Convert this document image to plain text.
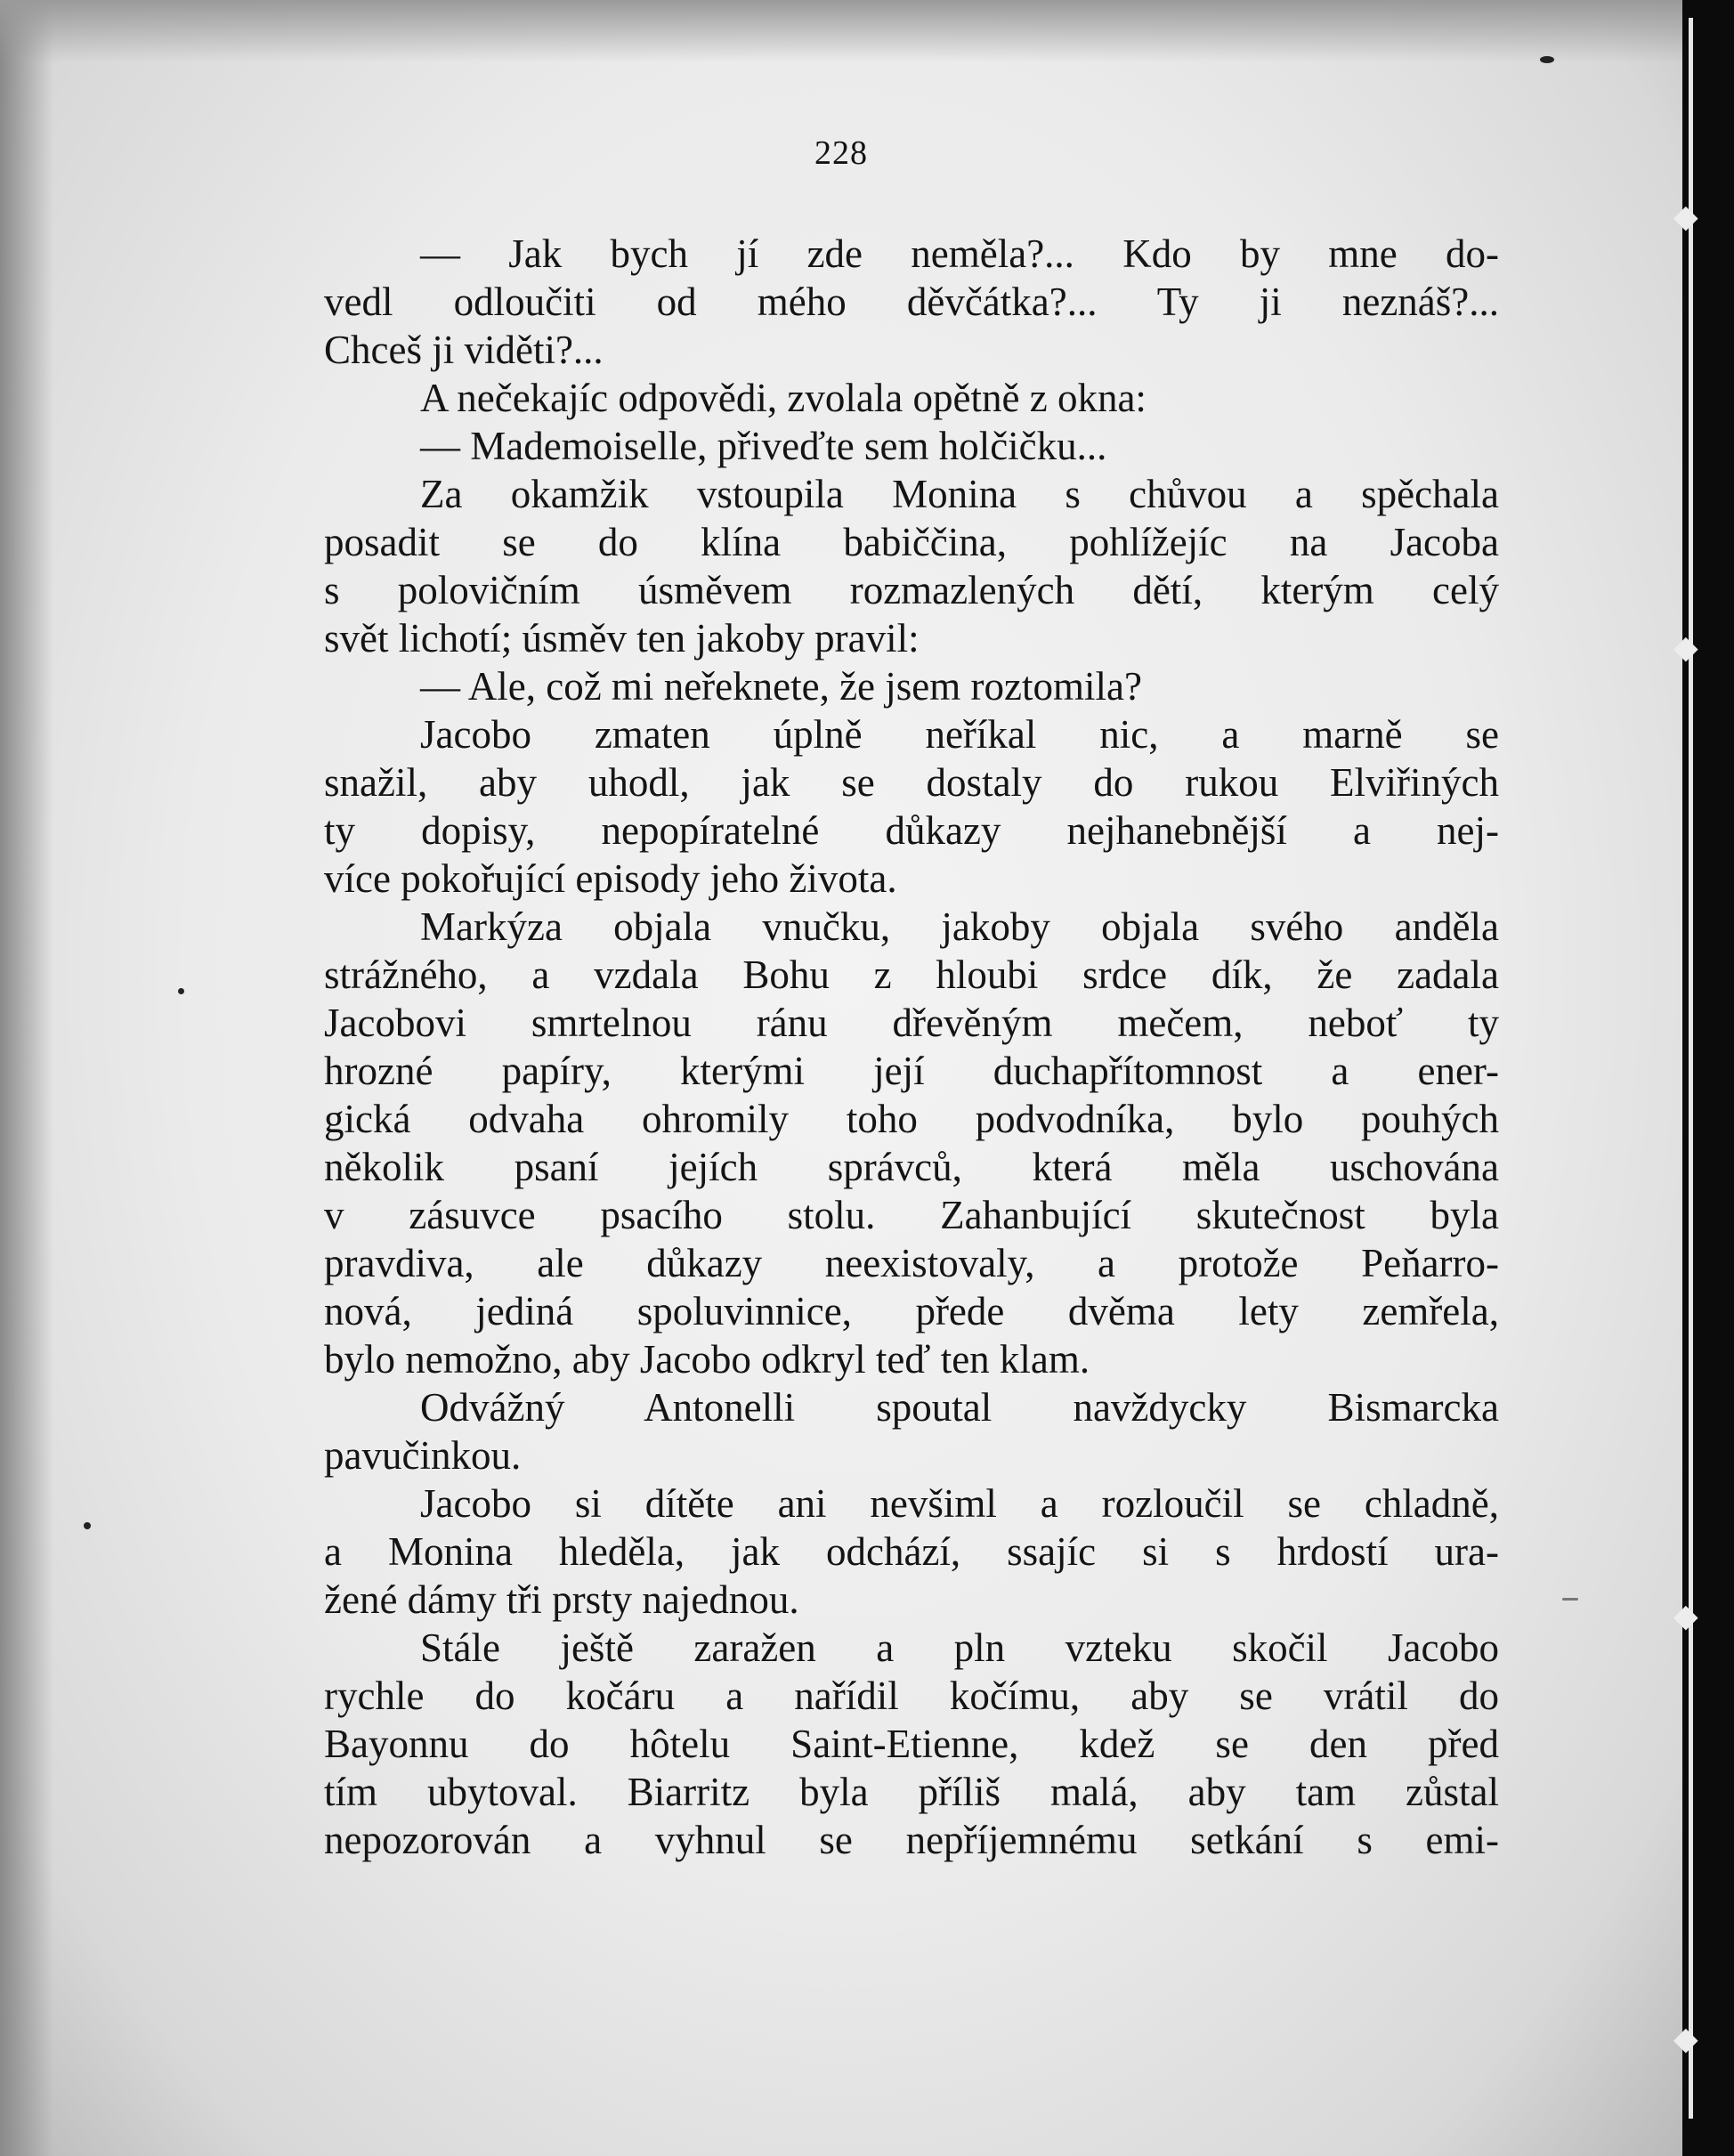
228
— Jak bych jí zde neměla?... Kdo by mne do-
vedl odloučiti od mého děvčátka?... Ty ji neznáš?...
Chceš ji viděti?...
A nečekajíc odpovědi, zvolala opětně z okna:
— Mademoiselle, přiveďte sem holčičku...
Za okamžik vstoupila Monina s chůvou a spěchala
posadit se do klína babiččina, pohlížejíc na Jacoba
s polovičním úsměvem rozmazlených dětí, kterým celý
svět lichotí; úsměv ten jakoby pravil:
— Ale, což mi neřeknete, že jsem roztomila?
Jacobo zmaten úplně neříkal nic, a marně se
snažil, aby uhodl, jak se dostaly do rukou Elviřiných
ty dopisy, nepopíratelné důkazy nejhanebnější a nej-
více pokořující episody jeho života.
Markýza objala vnučku, jakoby objala svého anděla
strážného, a vzdala Bohu z hloubi srdce dík, že zadala
Jacobovi smrtelnou ránu dřevěným mečem, neboť ty
hrozné papíry, kterými její duchapřítomnost a ener-
gická odvaha ohromily toho podvodníka, bylo pouhých
několik psaní jejích správců, která měla uschována
v zásuvce psacího stolu. Zahanbující skutečnost byla
pravdiva, ale důkazy neexistovaly, a protože Peňarro-
nová, jediná spoluvinnice, přede dvěma lety zemřela,
bylo nemožno, aby Jacobo odkryl teď ten klam.
Odvážný Antonelli spoutal navždycky Bismarcka
pavučinkou.
Jacobo si dítěte ani nevšiml a rozloučil se chladně,
a Monina hleděla, jak odchází, ssajíc si s hrdostí ura-
žené dámy tři prsty najednou.
Stále ještě zaražen a pln vzteku skočil Jacobo
rychle do kočáru a nařídil kočímu, aby se vrátil do
Bayonnu do hôtelu Saint-Etienne, kdež se den před
tím ubytoval. Biarritz byla příliš malá, aby tam zůstal
nepozorován a vyhnul se nepříjemnému setkání s emi-
◆
◆
◆
◆
